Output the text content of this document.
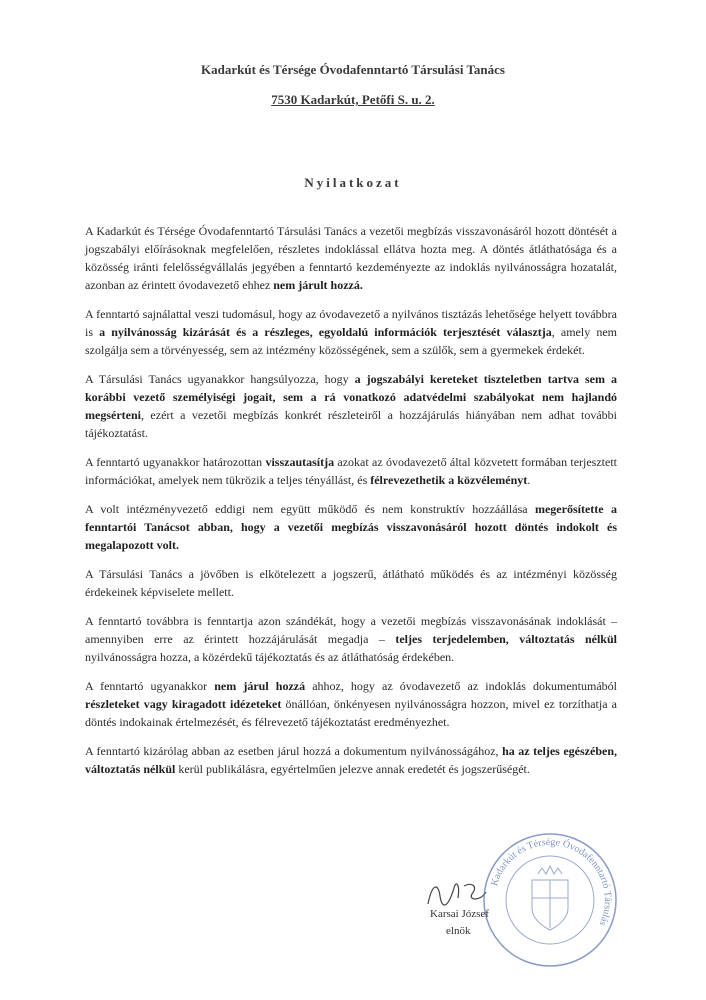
Kadarkút és Térsége Óvodafenntartó Társulási Tanács
7530 Kadarkút, Petőfi S. u. 2.
Nyilatkozat

A Kadarkút és Térsége Óvodafenntartó Társulási Tanács a vezetői megbízás visszavonásáról hozott döntését a jogszabályi előírásoknak megfelelően, részletes indoklással ellátva hozta meg. A döntés átláthatósága és a közösség iránti felelősségvállalás jegyében a fenntartó kezdeményezte az indoklás nyilvánosságra hozatalát, azonban az érintett óvodavezető ehhez nem járult hozzá.

A fenntartó sajnálattal veszi tudomásul, hogy az óvodavezető a nyilvános tisztázás lehetősége helyett továbbra is a nyilvánosság kizárását és a részleges, egyoldalú információk terjesztését választja, amely nem szolgálja sem a törvényesség, sem az intézmény közösségének, sem a szülők, sem a gyermekek érdekét.

A Társulási Tanács ugyanakkor hangsúlyozza, hogy a jogszabályi kereteket tiszteletben tartva sem a korábbi vezető személyiségi jogait, sem a rá vonatkozó adatvédelmi szabályokat nem hajlandó megsérteni, ezért a vezetői megbízás konkrét részleteiről a hozzájárulás hiányában nem adhat további tájékoztatást.

A fenntartó ugyanakkor határozottan visszautasítja azokat az óvodavezető által közvetett formában terjesztett információkat, amelyek nem tükrözik a teljes tényállást, és félrevezethetik a közvéleményt.

A volt intézményvezető eddigi nem együtt működő és nem konstruktív hozzáállása megerősítette a fenntartói Tanácsot abban, hogy a vezetői megbízás visszavonásáról hozott döntés indokolt és megalapozott volt.

A Társulási Tanács a jövőben is elkötelezett a jogszerű, átlátható működés és az intézményi közösség érdekeinek képviselete mellett.

A fenntartó továbbra is fenntartja azon szándékát, hogy a vezetői megbízás visszavonásának indoklását – amennyiben erre az érintett hozzájárulását megadja – teljes terjedelemben, változtatás nélkül nyilvánosságra hozza, a közérdekű tájékoztatás és az átláthatóság érdekében.

A fenntartó ugyanakkor nem járul hozzá ahhoz, hogy az óvodavezető az indoklás dokumentumából részleteket vagy kiragadott idézeteket önállóan, önkényesen nyilvánosságra hozzon, mivel ez torzíthatja a döntés indokainak értelmezését, és félrevezető tájékoztatást eredményezhet.

A fenntartó kizárólag abban az esetben járul hozzá a dokumentum nyilvánosságához, ha az teljes egészében, változtatás nélkül kerül publikálásra, egyértelműen jelezve annak eredetét és jogszerűségét.

Kadarkút és Térsége Óvodafenntartó Társulás
Karsai József
elnök
